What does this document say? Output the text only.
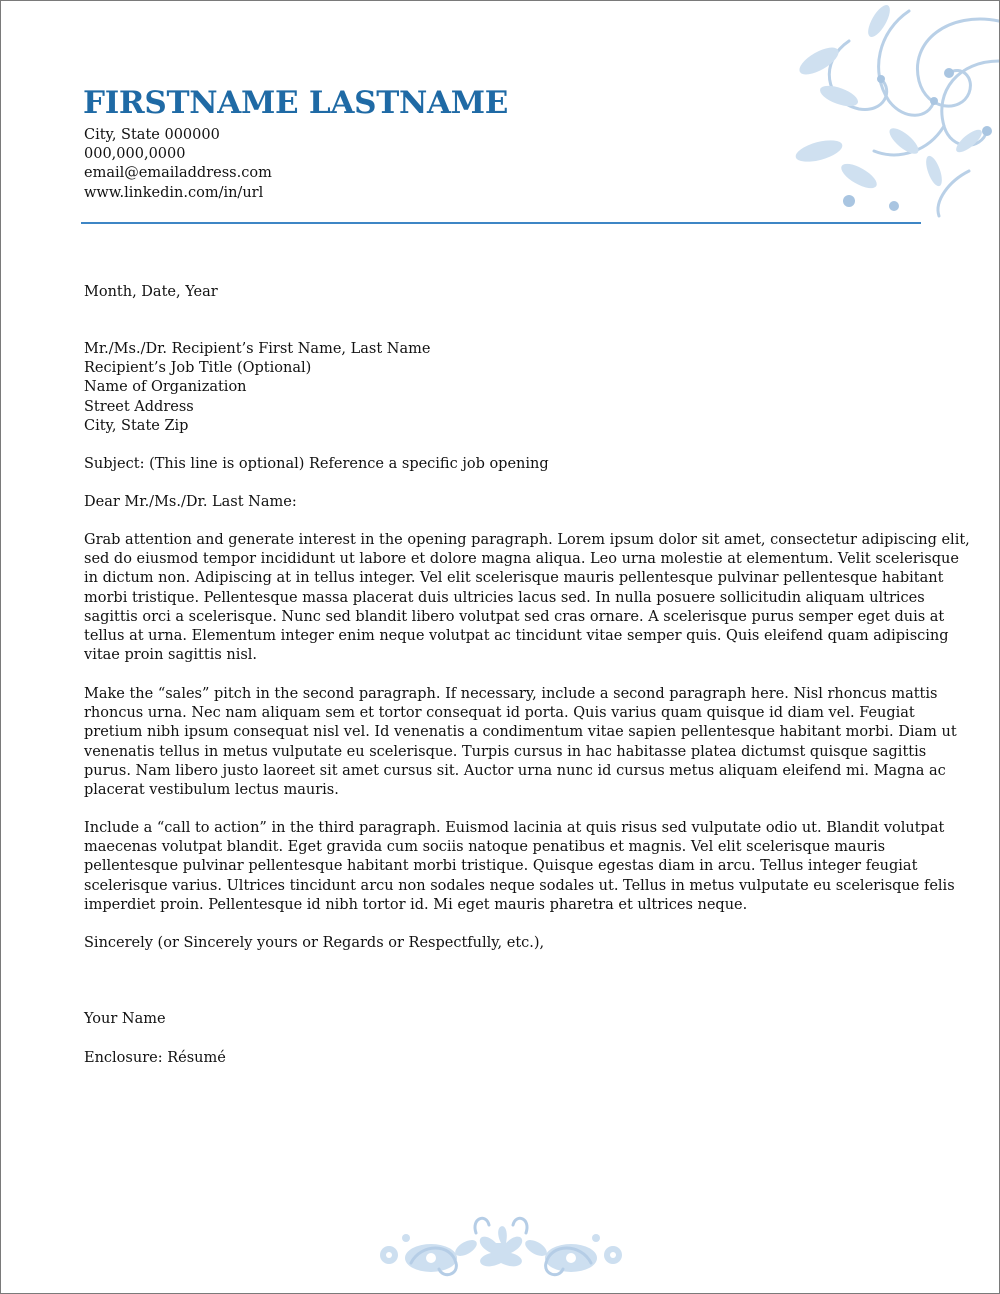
FIRSTNAME LASTNAME
City, State 000000
000,000,0000
email@emailaddress.com
www.linkedin.com/in/url
Month, Date, Year
Mr./Ms./Dr. Recipient’s First Name, Last Name
Recipient’s Job Title (Optional)
Name of Organization
Street Address
City, State Zip
Subject: (This line is optional) Reference a specific job opening
Dear Mr./Ms./Dr. Last Name:
Grab attention and generate interest in the opening paragraph. Lorem ipsum dolor sit amet, consectetur adipiscing elit,
sed do eiusmod tempor incididunt ut labore et dolore magna aliqua. Leo urna molestie at elementum. Velit scelerisque
in dictum non. Adipiscing at in tellus integer. Vel elit scelerisque mauris pellentesque pulvinar pellentesque habitant
morbi tristique. Pellentesque massa placerat duis ultricies lacus sed. In nulla posuere sollicitudin aliquam ultrices
sagittis orci a scelerisque. Nunc sed blandit libero volutpat sed cras ornare. A scelerisque purus semper eget duis at
tellus at urna. Elementum integer enim neque volutpat ac tincidunt vitae semper quis. Quis eleifend quam adipiscing
vitae proin sagittis nisl.
Make the “sales” pitch in the second paragraph. If necessary, include a second paragraph here. Nisl rhoncus mattis
rhoncus urna. Nec nam aliquam sem et tortor consequat id porta. Quis varius quam quisque id diam vel. Feugiat
pretium nibh ipsum consequat nisl vel. Id venenatis a condimentum vitae sapien pellentesque habitant morbi. Diam ut
venenatis tellus in metus vulputate eu scelerisque. Turpis cursus in hac habitasse platea dictumst quisque sagittis
purus. Nam libero justo laoreet sit amet cursus sit. Auctor urna nunc id cursus metus aliquam eleifend mi. Magna ac
placerat vestibulum lectus mauris.
Include a “call to action” in the third paragraph. Euismod lacinia at quis risus sed vulputate odio ut. Blandit volutpat
maecenas volutpat blandit. Eget gravida cum sociis natoque penatibus et magnis. Vel elit scelerisque mauris
pellentesque pulvinar pellentesque habitant morbi tristique. Quisque egestas diam in arcu. Tellus integer feugiat
scelerisque varius. Ultrices tincidunt arcu non sodales neque sodales ut. Tellus in metus vulputate eu scelerisque felis
imperdiet proin. Pellentesque id nibh tortor id. Mi eget mauris pharetra et ultrices neque.
Sincerely (or Sincerely yours or Regards or Respectfully, etc.),
Your Name
Enclosure: Résumé
